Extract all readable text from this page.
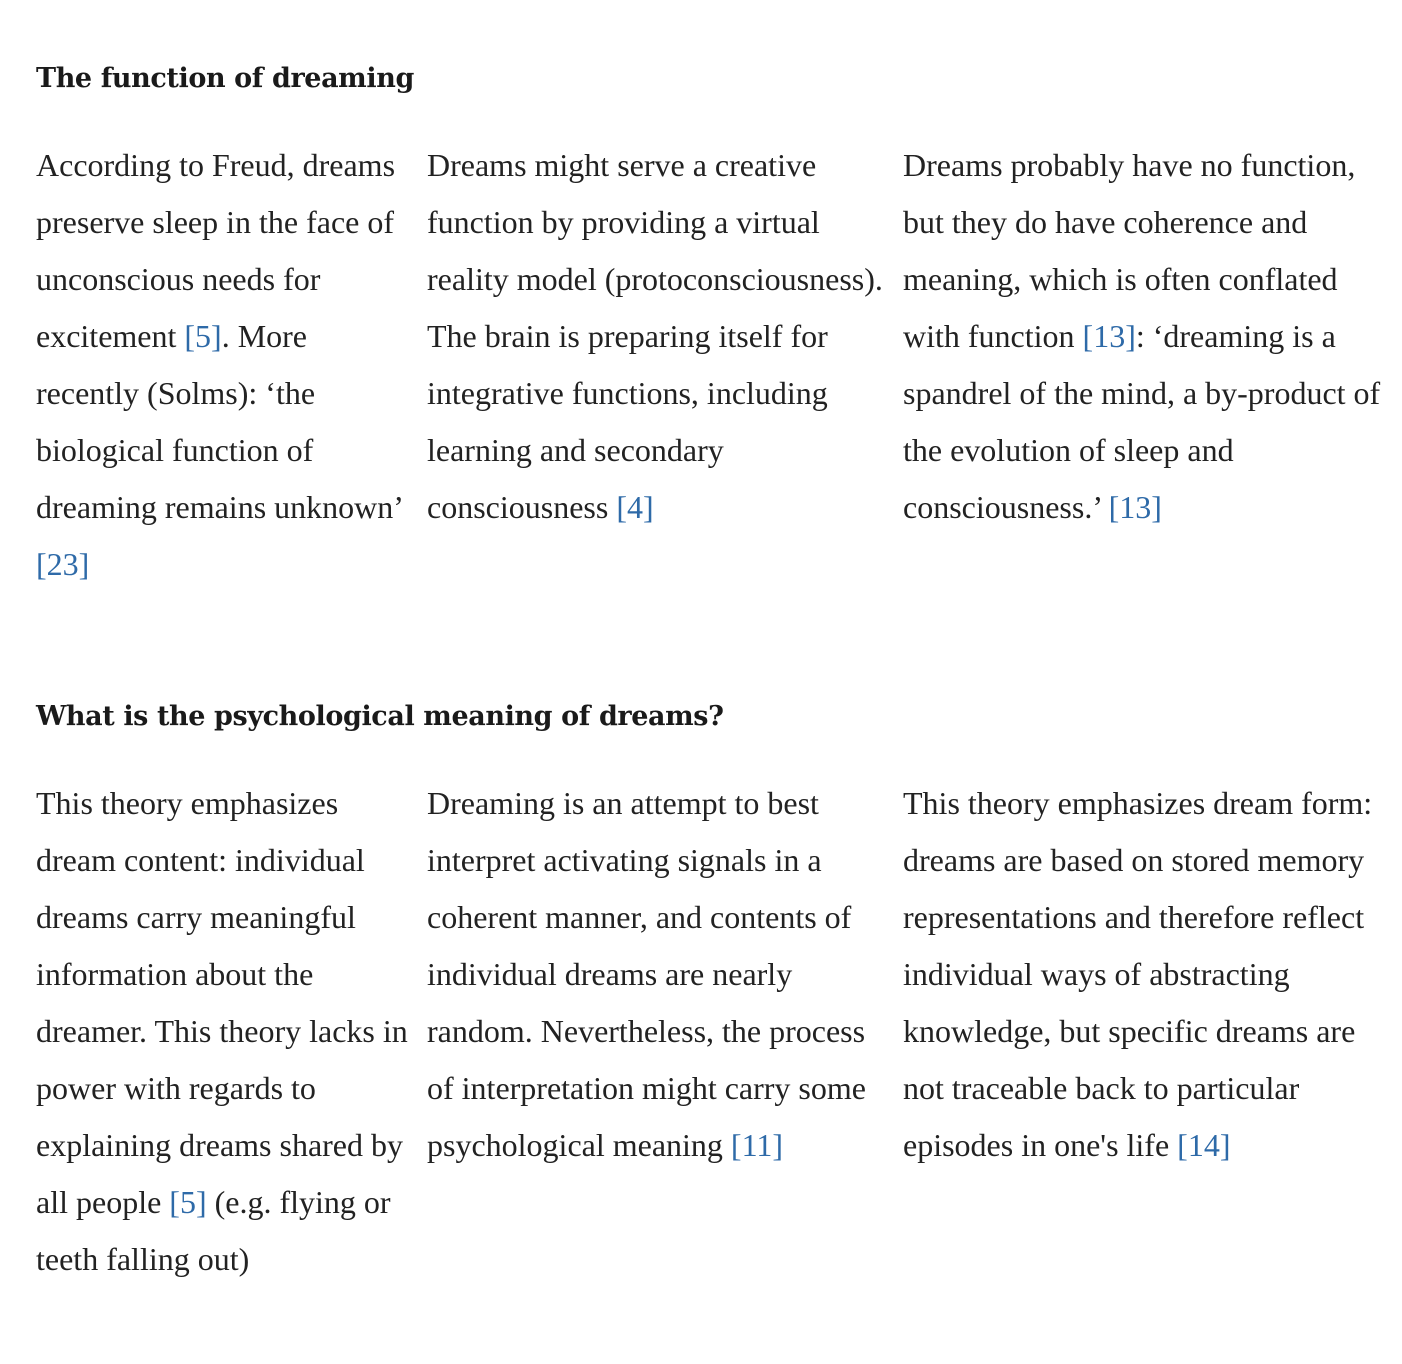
The function of dreaming
According to Freud, dreams preserve sleep in the face of unconscious needs for excitement [5]. More recently (Solms): ‘the biological function of dreaming remains unknown’ [23]
Dreams might serve a creative function by providing a virtual reality model (protoconsciousness). The brain is preparing itself for integrative functions, including learning and secondary consciousness [4]
Dreams probably have no function, but they do have coherence and meaning, which is often conflated with function [13]: ‘dreaming is a spandrel of the mind, a by-product of the evolution of sleep and consciousness.’ [13]
What is the psychological meaning of dreams?
This theory emphasizes dream content: individual dreams carry meaningful information about the dreamer. This theory lacks in power with regards to explaining dreams shared by all people [5] (e.g. flying or teeth falling out)
Dreaming is an attempt to best interpret activating signals in a coherent manner, and contents of individual dreams are nearly random. Nevertheless, the process of interpretation might carry some psychological meaning [11]
This theory emphasizes dream form: dreams are based on stored memory representations and therefore reflect individual ways of abstracting knowledge, but specific dreams are not traceable back to particular episodes in one's life [14]
